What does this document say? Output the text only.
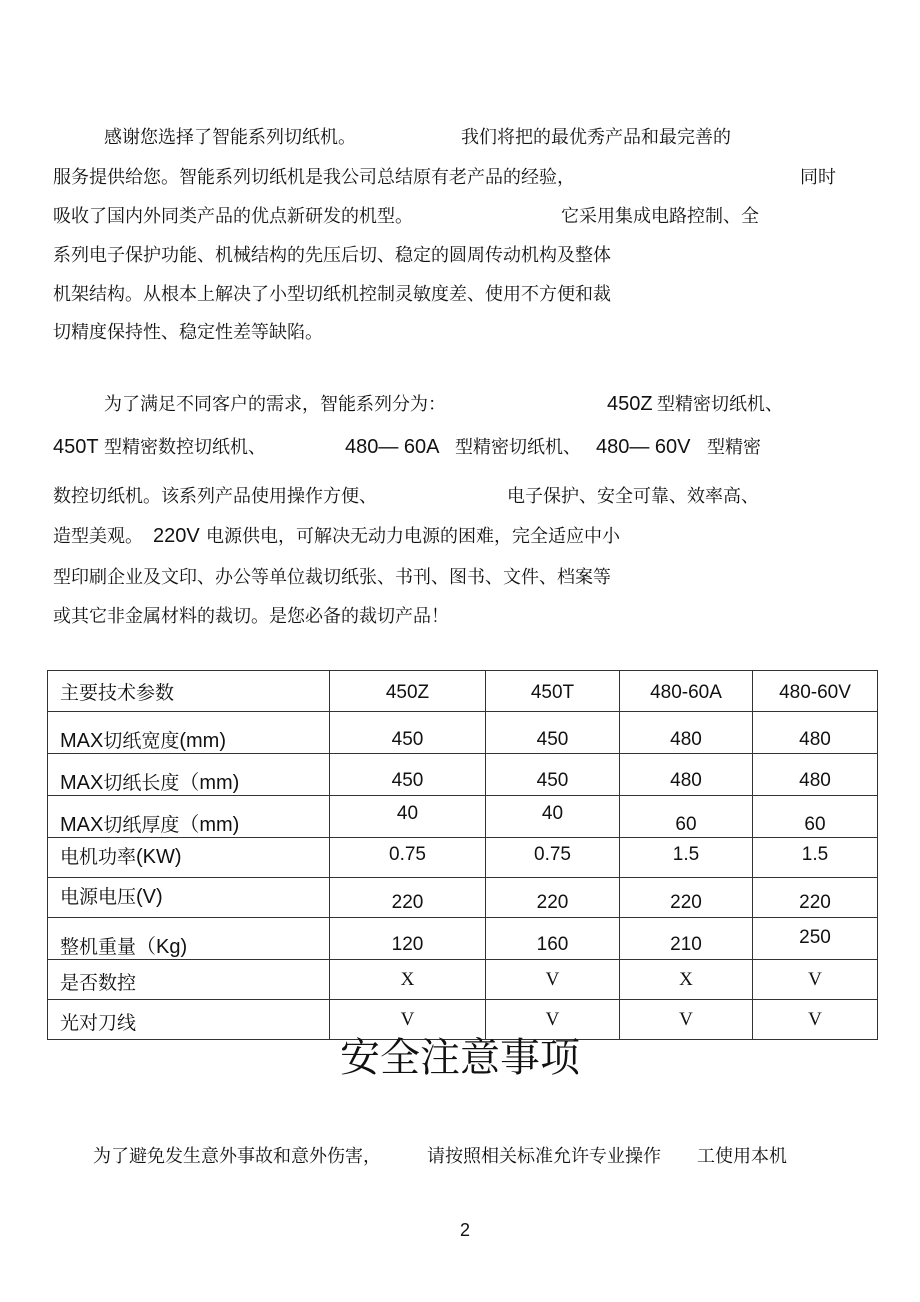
感谢您选择了智能系列切纸机。	我们将把的最优秀产品和最完善的
服务提供给您。智能系列切纸机是我公司总结原有老产品的经验，	同时
吸收了国内外同类产品的优点新研发的机型。	它采用集成电路控制、全
系列电子保护功能、机械结构的先压后切、稳定的圆周传动机构及整体
机架结构。从根本上解决了小型切纸机控制灵敏度差、使用不方便和裁
切精度保持性、稳定性差等缺陷。
为了满足不同客户的需求，智能系列分为：	450Z 型精密切纸机、
450T 型精密数控切纸机、	480— 60A 型精密切纸机、 480— 60V 型精密
数控切纸机。该系列产品使用操作方便、	电子保护、安全可靠、效率高、
造型美观。 220V 电源供电，可解决无动力电源的困难，完全适应中小
型印刷企业及文印、办公等单位裁切纸张、书刊、图书、文件、档案等
或其它非金属材料的裁切。是您必备的裁切产品！
主要技术参数	450Z	450T	480-60A	480-60V
MAX切纸宽度(mm)	450	450	480	480
MAX切纸长度（mm)	450	450	480	480
MAX切纸厚度（mm)	40	40	60	60
电机功率(KW)	0.75	0.75	1.5	1.5
电源电压(V)	220	220	220	220
整机重量（Kg)	120	160	210	250
是否数控	X	V	X	V
光对刀线	V	V	V	V
安全注意事项
为了避免发生意外事故和意外伤害，	请按照相关标准允许专业操作 工使用本机
2
